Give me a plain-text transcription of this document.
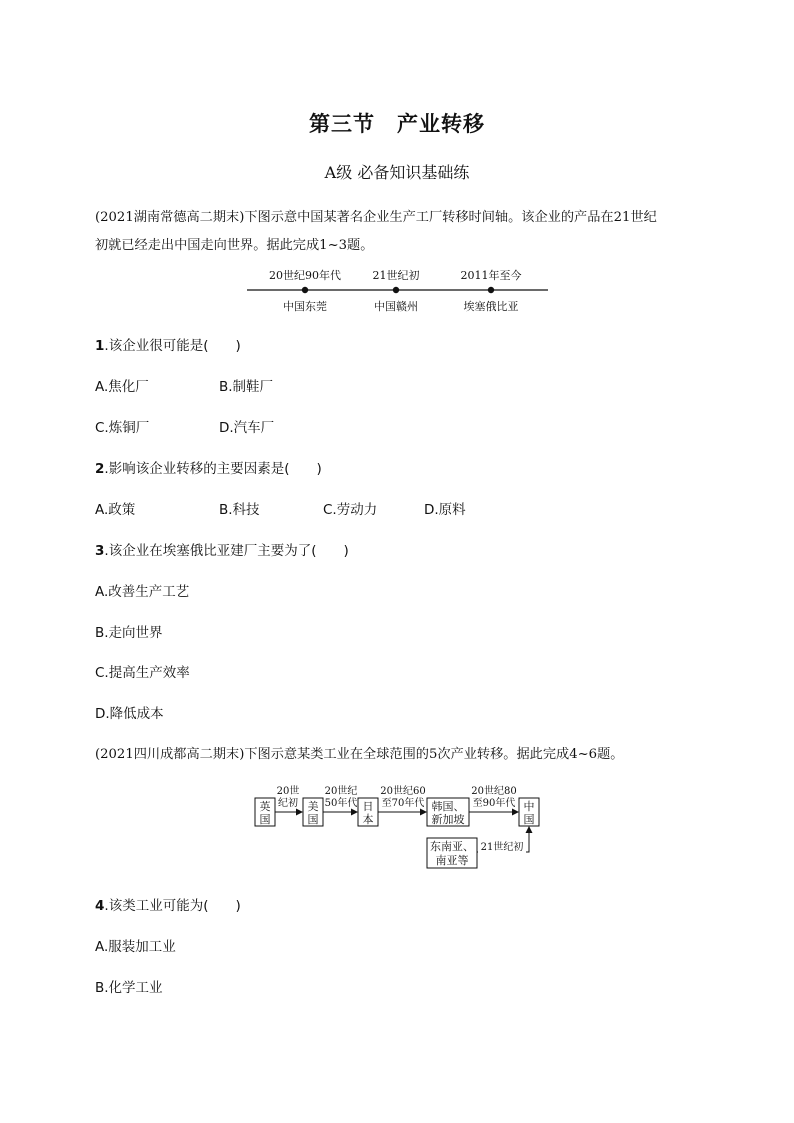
第三节 产业转移
A级 必备知识基础练
(2021湖南常德高二期末)下图示意中国某著名企业生产工厂转移时间轴。该企业的产品在21世纪
初就已经走出中国走向世界。据此完成1~3题。
20世纪90年代	21世纪初	2011年至今
中国东莞	中国赣州	埃塞俄比亚
1.该企业很可能是(　　)
A.焦化厂	B.制鞋厂
C.炼铜厂	D.汽车厂
2.影响该企业转移的主要因素是(　　)
A.政策	B.科技	C.劳动力	D.原料
3.该企业在埃塞俄比亚建厂主要为了(　　)
A.改善生产工艺
B.走向世界
C.提高生产效率
D.降低成本
(2021四川成都高二期末)下图示意某类工业在全球范围的5次产业转移。据此完成4~6题。
英
国
美
国
日
本
韩国、
新加坡
中
国
东南亚、
南亚等
20世
纪初
20世纪
50年代
20世纪60
至70年代
20世纪80
至90年代
21世纪初
4.该类工业可能为(　　)
A.服装加工业
B.化学工业
